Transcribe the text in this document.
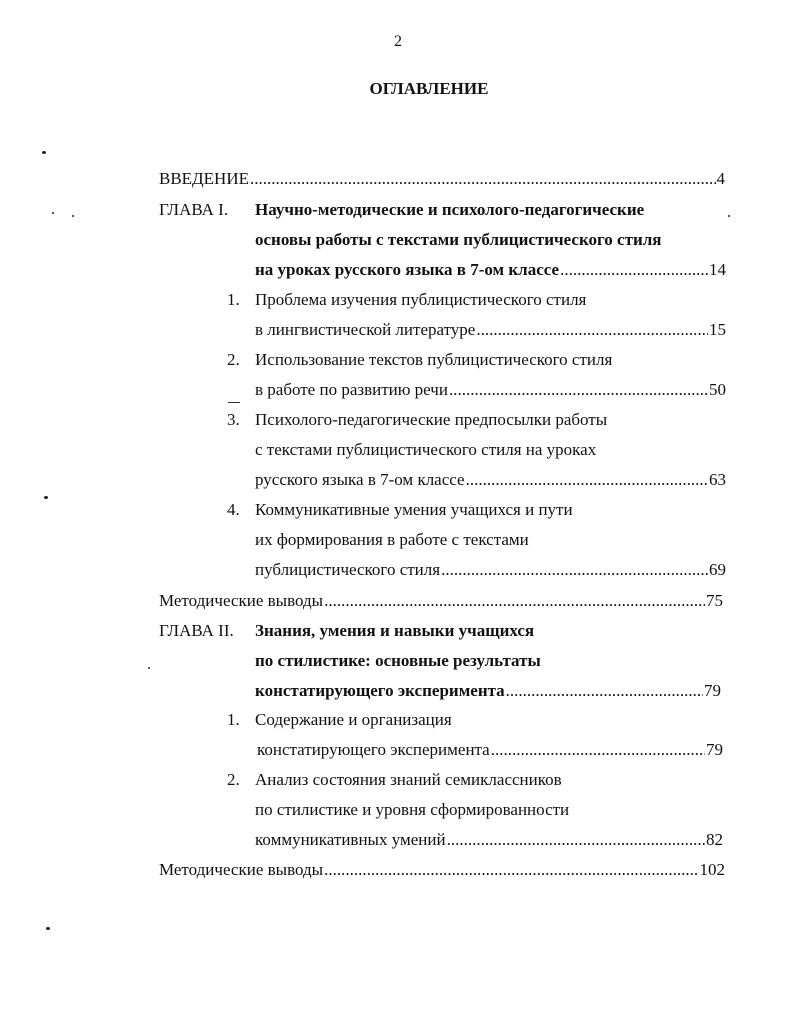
2
ОГЛАВЛЕНИЕ
ВВЕДЕНИЕ .....	4
ГЛАВА I. Научно-методические и психолого-педагогические
основы работы с текстами публицистического стиля
на уроках русского языка в 7-ом классе .....	14
1. Проблема изучения публицистического стиля
в лингвистической литературе .....	15
2. Использование текстов публицистического стиля
в работе по развитию речи .....	50
3. Психолого-педагогические предпосылки работы
с текстами публицистического стиля на уроках
русского языка в 7-ом классе .....	63
4. Коммуникативные умения учащихся и пути
их формирования в работе с текстами
публицистического стиля .....	69
Методические выводы .....	75
ГЛАВА II. Знания, умения и навыки учащихся
по стилистике: основные результаты
констатирующего эксперимента .....	79
1. Содержание и организация
констатирующего эксперимента .....	79
2. Анализ состояния знаний семиклассников
по стилистике и уровня сформированности
коммуникативных умений .....	82
Методические выводы .....	102
